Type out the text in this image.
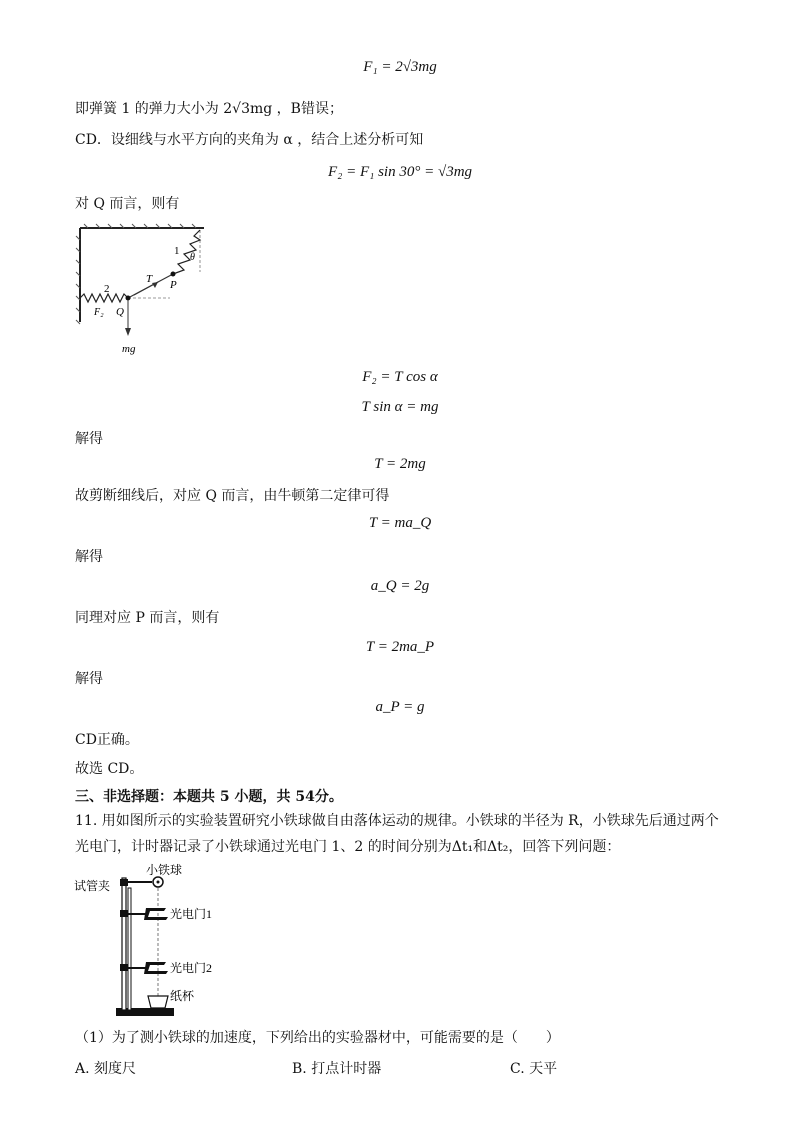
F₁ = 2√3mg
即弹簧 1 的弹力大小为 2√3mg ，B错误；
CD．设细线与水平方向的夹角为 α ，结合上述分析可知
F₂ = F₁ sin 30° = √3mg
对 Q 而言，则有
1
θ
T P
2
F₂ Q
mg
F₂ = T cos α
T sin α = mg
解得
T = 2mg
故剪断细线后，对应 Q 而言，由牛顿第二定律可得
T = ma_Q
解得
a_Q = 2g
同理对应 P 而言，则有
T = 2ma_P
解得
a_P = g
CD正确。
故选 CD。
三、非选择题：本题共 5 小题，共 54分。
11. 用如图所示的实验装置研究小铁球做自由落体运动的规律。小铁球的半径为 R，小铁球先后通过两个
光电门，计时器记录了小铁球通过光电门 1、2 的时间分别为Δt₁和Δt₂，回答下列问题：
小铁球
试管夹
光电门1
光电门2
纸杯
（1）为了测小铁球的加速度，下列给出的实验器材中，可能需要的是（　　）
A. 刻度尺	B. 打点计时器	C. 天平
